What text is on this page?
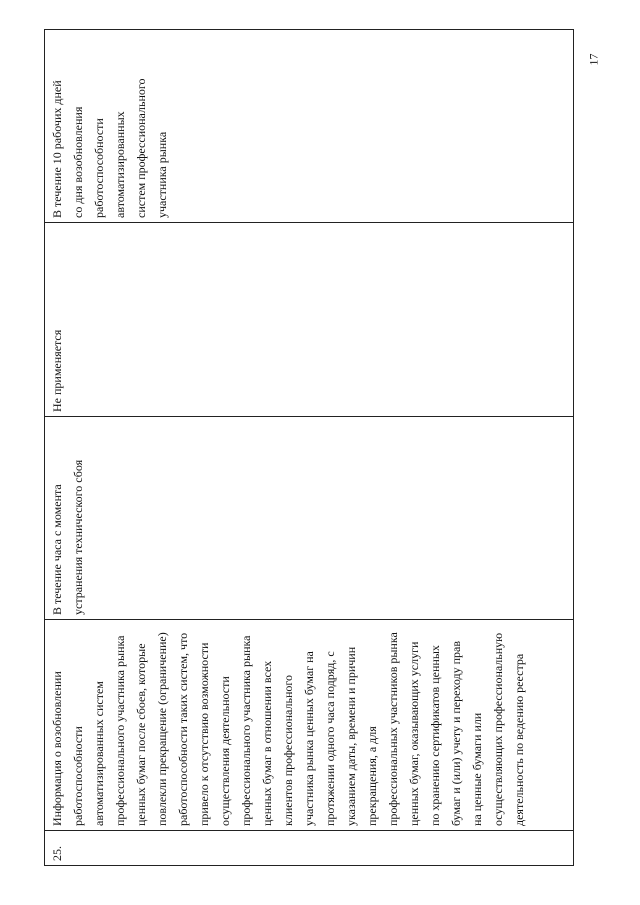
17
25.

Информация о возобновлении
работоспособности
автоматизированных систем
профессионального участника рынка
ценных бумаг после сбоев, которые
повлекли прекращение (ограничение)
работоспособности таких систем, что
привело к отсутствию возможности
осуществления деятельности
профессионального участника рынка
ценных бумаг в отношении всех
клиентов профессионального
участника рынка ценных бумаг на
протяжении одного часа подряд, с
указанием даты, времени и причин
прекращения, а для
профессиональных участников рынка
ценных бумаг, оказывающих услуги
по хранению сертификатов ценных
бумаг и (или) учету и переходу прав
на ценные бумаги или
осуществляющих профессиональную
деятельность по ведению реестра

В течение часа с момента
устранения технического сбоя

Не применяется

В течение 10 рабочих дней
со дня возобновления
работоспособности
автоматизированных
систем профессионального
участника рынка
